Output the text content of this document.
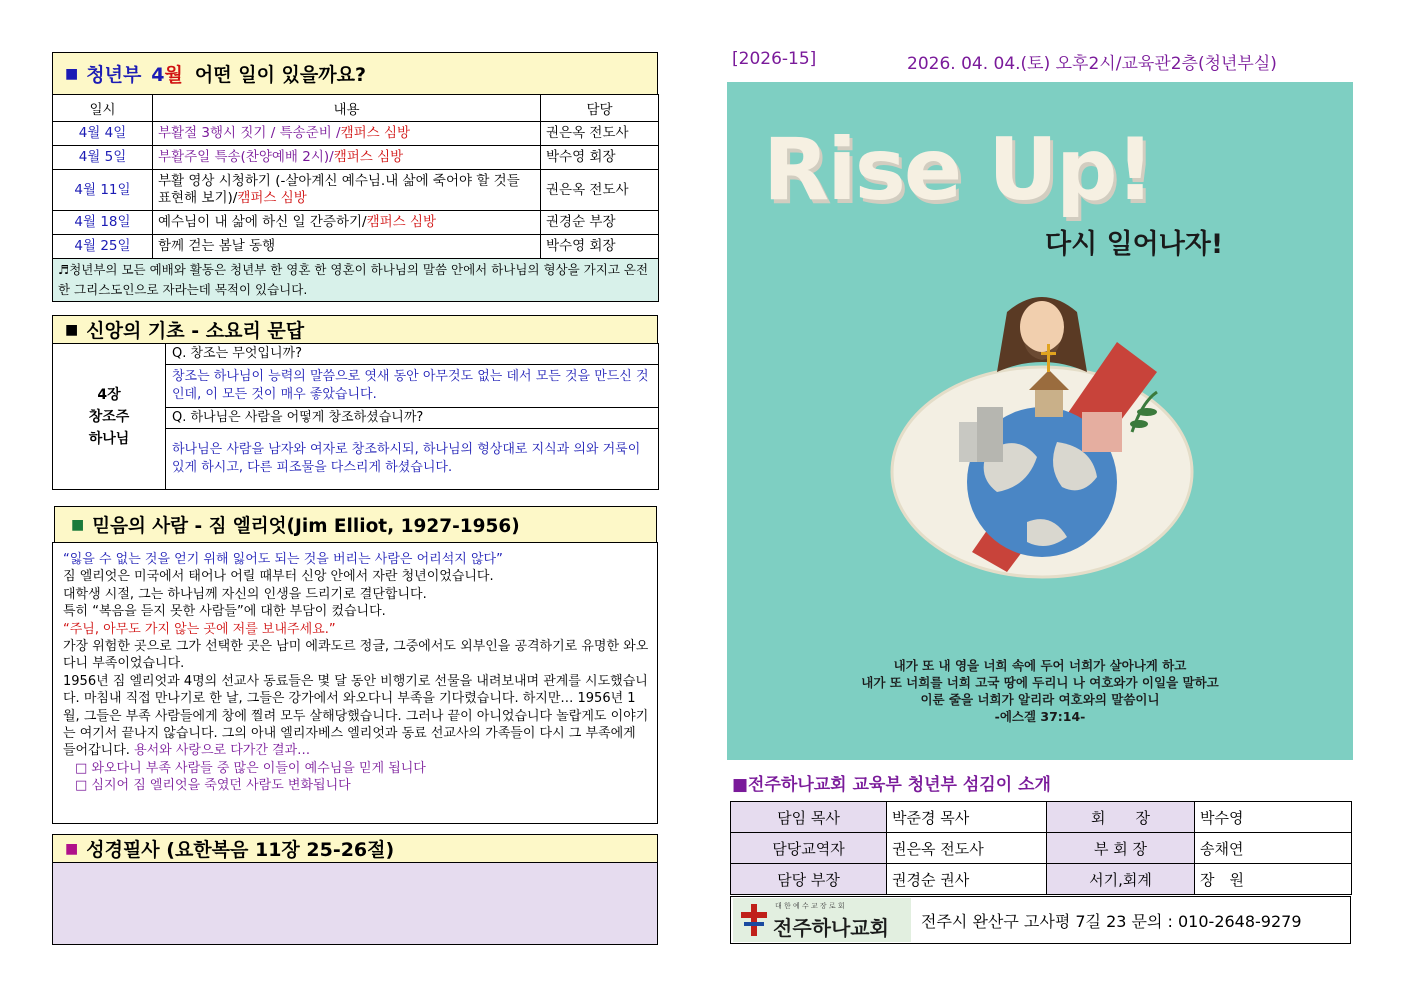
■ 청년부 4월 어떤 일이 있을까요?
일시	내용	담당
4월 4일	부활절 3행시 짓기 / 특송준비 /캠퍼스 심방	권은옥 전도사
4월 5일	부활주일 특송(찬양예배 2시)/캠퍼스 심방	박수영 회장
4월 11일	부활 영상 시청하기 (-살아계신 예수님.내 삶에 죽어야 할 것들 표현해 보기)/캠퍼스 심방	권은옥 전도사
4월 18일	예수님이 내 삶에 하신 일 간증하기/캠퍼스 심방	권경순 부장
4월 25일	함께 걷는 봄날 동행	박수영 회장
♬청년부의 모든 예배와 활동은 청년부 한 영혼 한 영혼이 하나님의 말씀 안에서 하나님의 형상을 가지고 온전한 그리스도인으로 자라는데 목적이 있습니다.		
■ 신앙의 기초 - 소요리 문답
4장
창조주
하나님
	Q. 창조는 무엇입니까?
창조는 하나님이 능력의 말씀으로 엿새 동안 아무것도 없는 데서 모든 것을 만드신 것인데, 이 모든 것이 매우 좋았습니다.
Q. 하나님은 사람을 어떻게 창조하셨습니까?
하나님은 사람을 남자와 여자로 창조하시되, 하나님의 형상대로 지식과 의와 거룩이 있게 하시고, 다른 피조물을 다스리게 하셨습니다.
■ 믿음의 사람 - 짐 엘리엇(Jim Elliot, 1927-1956)

“잃을 수 없는 것을 얻기 위해 잃어도 되는 것을 버리는 사람은 어리석지 않다”

짐 엘리엇은 미국에서 태어나 어릴 때부터 신앙 안에서 자란 청년이었습니다.

대학생 시절, 그는 하나님께 자신의 인생을 드리기로 결단합니다.

특히 “복음을 듣지 못한 사람들”에 대한 부담이 컸습니다.

“주님, 아무도 가지 않는 곳에 저를 보내주세요.”

가장 위험한 곳으로 그가 선택한 곳은 남미 에콰도르 정글, 그중에서도 외부인을 공격하기로 유명한 와오다니 부족이었습니다.

1956년 짐 엘리엇과 4명의 선교사 동료들은 몇 달 동안 비행기로 선물을 내려보내며 관계를 시도했습니다. 마침내 직접 만나기로 한 날, 그들은 강가에서 와오다니 부족을 기다렸습니다. 하지만… 1956년 1월, 그들은 부족 사람들에게 창에 찔려 모두 살해당했습니다. 그러나 끝이 아니었습니다 놀랍게도 이야기는 여기서 끝나지 않습니다. 그의 아내 엘리자베스 엘리엇과 동료 선교사의 가족들이 다시 그 부족에게 들어갑니다. 용서와 사랑으로 다가간 결과…

□ 와오다니 부족 사람들 중 많은 이들이 예수님을 믿게 됩니다

□ 심지어 짐 엘리엇을 죽였던 사람도 변화됩니다

■ 성경필사 (요한복음 11장 25-26절)
[2026-15]	2026. 04. 04.(토) 오후2시/교육관2층(청년부실)
Rise Up!
다시 일어나자!
내가 또 내 영을 너희 속에 두어 너희가 살아나게 하고
내가 또 너희를 너희 고국 땅에 두리니 나 여호와가 이일을 말하고
이룬 줄을 너희가 알리라 여호와의 말씀이니
-에스겔 37:14-
■전주하나교회 교육부 청년부 섬김이 소개
담임 목사	박준경 목사	회　　장	박수영
담당교역자	권은옥 전도사	부 회 장	송채연
담당 부장	권경순 권사	서기,회계	장　원
대 한 예 수 교 장 로 회
전주하나교회 전주시 완산구 고사평 7길 23 문의 : 010-2648-9279
